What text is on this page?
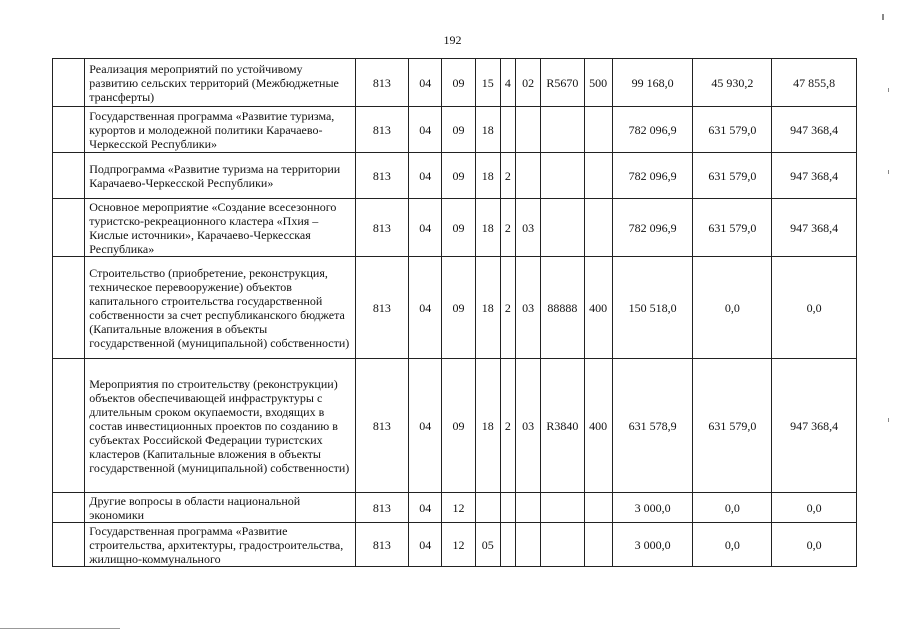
192
	Реализация мероприятий по устойчивому развитию сельских территорий (Межбюджетные трансферты)	813	04	09	15	4	02	R5670	500	99 168,0	45 930,2	47 855,8
	Государственная программа «Развитие туризма, курортов и молодежной политики Карачаево-Черкесской Республики»	813	04	09	18					782 096,9	631 579,0	947 368,4
	Подпрограмма «Развитие туризма на территории Карачаево-Черкесской Республики»	813	04	09	18	2				782 096,9	631 579,0	947 368,4
	Основное мероприятие «Создание всесезонного туристско-рекреационного кластера «Пхия – Кислые источники», Карачаево-Черкесская Республика»	813	04	09	18	2	03			782 096,9	631 579,0	947 368,4
	Строительство (приобретение, реконструкция, техническое перевооружение) объектов капитального строительства государственной собственности за счет республиканского бюджета (Капитальные вложения в объекты государственной (муниципальной) собственности)	813	04	09	18	2	03	88888	400	150 518,0	0,0	0,0
	Мероприятия по строительству (реконструкции) объектов обеспечивающей инфраструктуры с длительным сроком окупаемости, входящих в состав инвестиционных проектов по созданию в субъектах Российской Федерации туристских кластеров (Капитальные вложения в объекты государственной (муниципальной) собственности)	813	04	09	18	2	03	R3840	400	631 578,9	631 579,0	947 368,4
	Другие вопросы в области национальной экономики	813	04	12						3 000,0	0,0	0,0
	Государственная программа «Развитие строительства, архитектуры, градостроительства, жилищно-коммунального	813	04	12	05					3 000,0	0,0	0,0
